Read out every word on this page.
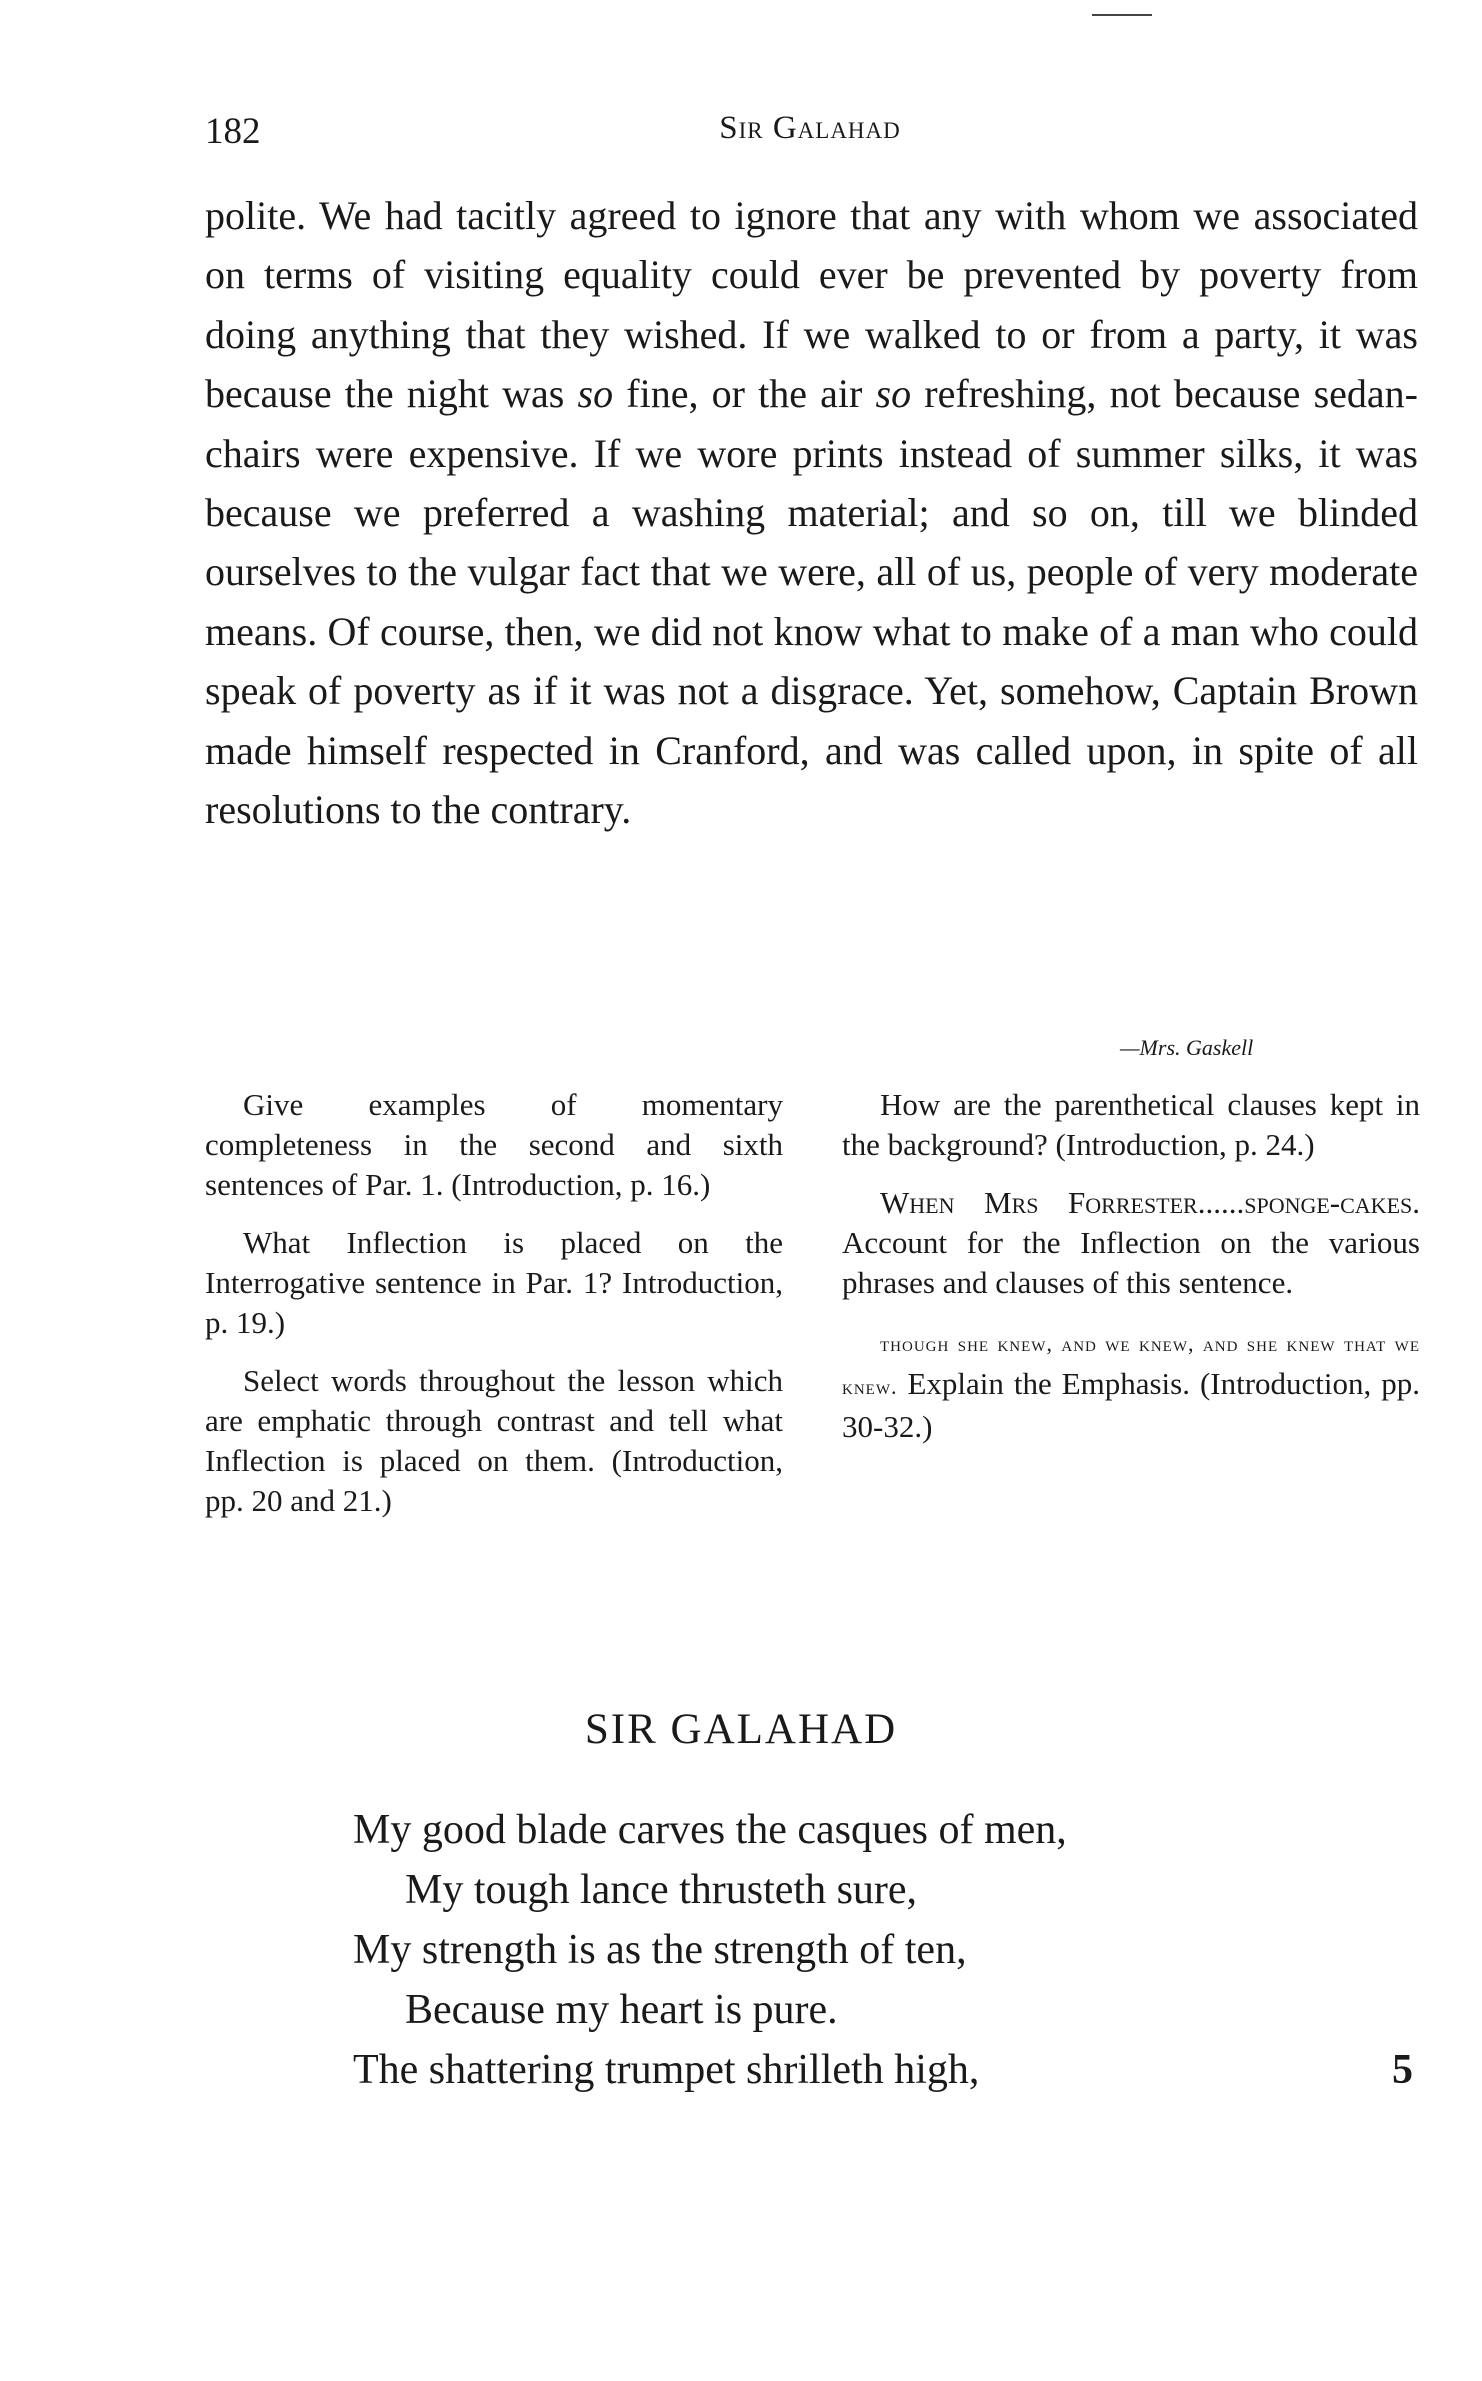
182	Sir Galahad

polite. We had tacitly agreed to ignore that any with whom we associated on terms of visiting equality could ever be prevented by poverty from doing anything that they wished. If we walked to or from a party, it was because the night was so fine, or the air so refreshing, not because sedan-chairs were expensive. If we wore prints instead of summer silks, it was because we preferred a washing material; and so on, till we blinded ourselves to the vulgar fact that we were, all of us, people of very moderate means. Of course, then, we did not know what to make of a man who could speak of poverty as if it was not a disgrace. Yet, somehow, Captain Brown made himself respected in Cranford, and was called upon, in spite of all resolutions to the contrary.

—Mrs. Gaskell

Give examples of momentary completeness in the second and sixth sentences of Par. 1. (Introduction, p. 16.)

What Inflection is placed on the Interrogative sentence in Par. 1? Introduction, p. 19.)

Select words throughout the lesson which are emphatic through contrast and tell what Inflection is placed on them. (Introduction, pp. 20 and 21.)

How are the parenthetical clauses kept in the background? (Introduction, p. 24.)

When Mrs Forrester......sponge-cakes. Account for the Inflection on the various phrases and clauses of this sentence.

though she knew, and we knew, and she knew that we knew. Explain the Emphasis. (Introduction, pp. 30-32.)

SIR GALAHAD
My good blade carves the casques of men,
My tough lance thrusteth sure,
My strength is as the strength of ten,
Because my heart is pure.
The shattering trumpet shrilleth high,	5
